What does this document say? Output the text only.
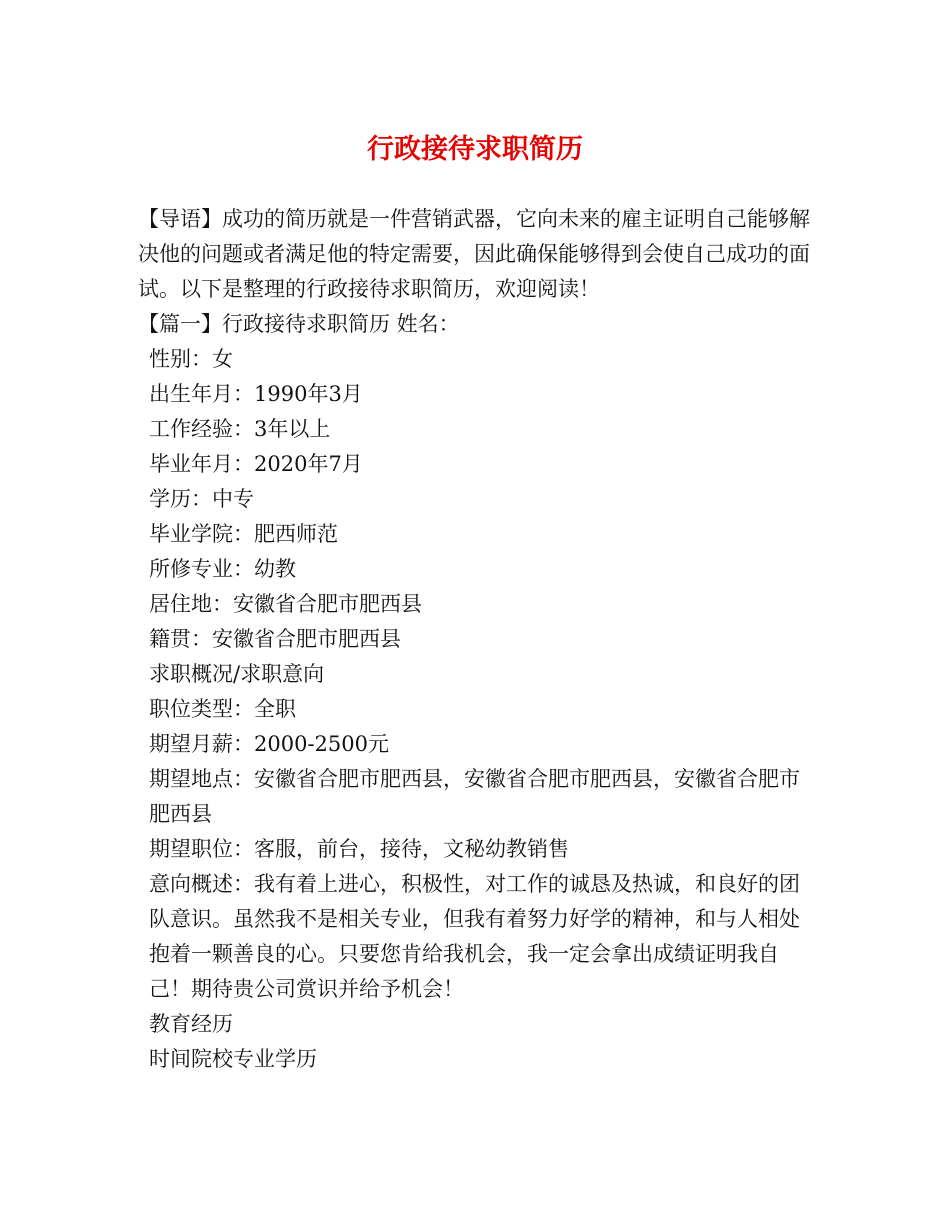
行政接待求职简历

【导语】成功的简历就是一件营销武器，它向未来的雇主证明自己能够解决他的问题或者满足他的特定需要，因此确保能够得到会使自己成功的面试。以下是整理的行政接待求职简历，欢迎阅读！

【篇一】行政接待求职简历 姓名：

性别：女

出生年月：1990年3月

工作经验：3年以上

毕业年月：2020年7月

学历：中专

毕业学院：肥西师范

所修专业：幼教

居住地：安徽省合肥市肥西县

籍贯：安徽省合肥市肥西县

求职概况/求职意向

职位类型：全职

期望月薪：2000-2500元

期望地点：安徽省合肥市肥西县，安徽省合肥市肥西县，安徽省合肥市肥西县

期望职位：客服，前台，接待，文秘幼教销售

意向概述：我有着上进心，积极性，对工作的诚恳及热诚，和良好的团队意识。虽然我不是相关专业，但我有着努力好学的精神，和与人相处抱着一颗善良的心。只要您肯给我机会，我一定会拿出成绩证明我自己！期待贵公司赏识并给予机会！

教育经历

时间院校专业学历
